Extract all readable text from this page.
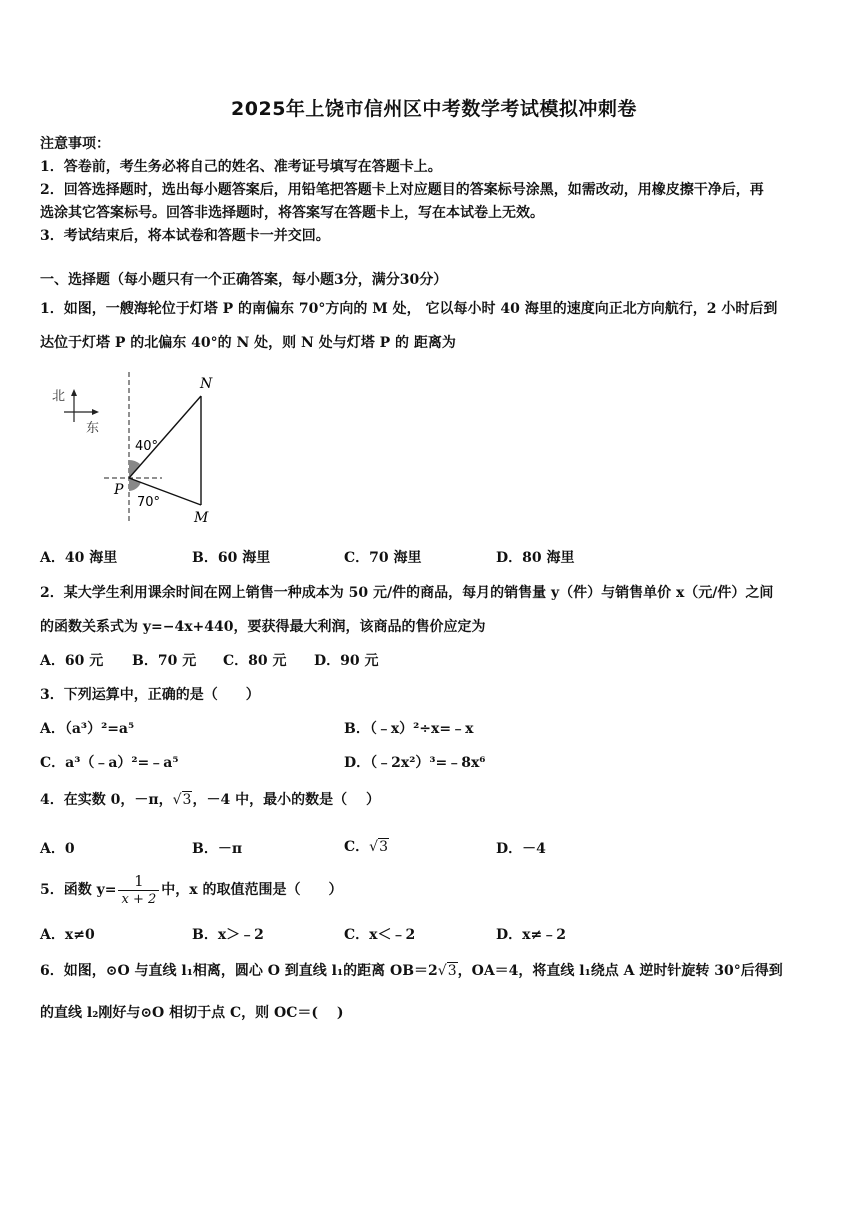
2025年上饶市信州区中考数学考试模拟冲刺卷
注意事项：
1．答卷前，考生务必将自己的姓名、准考证号填写在答题卡上。
2．回答选择题时，选出每小题答案后，用铅笔把答题卡上对应题目的答案标号涂黑，如需改动，用橡皮擦干净后，再
选涂其它答案标号。回答非选择题时，将答案写在答题卡上，写在本试卷上无效。
3．考试结束后，将本试卷和答题卡一并交回。
一、选择题（每小题只有一个正确答案，每小题3分，满分30分）
1．如图，一艘海轮位于灯塔 P 的南偏东 70°方向的 M 处， 它以每小时 40 海里的速度向正北方向航行，2 小时后到
达位于灯塔 P 的北偏东 40°的 N 处，则 N 处与灯塔 P 的 距离为
北
东
N
P
M
40°
70°
A．40 海里	B．60 海里	C．70 海里	D．80 海里
2．某大学生利用课余时间在网上销售一种成本为 50 元/件的商品，每月的销售量 y（件）与销售单价 x（元/件）之间
的函数关系式为 y=−4x+440，要获得最大利润，该商品的售价应定为
A．60 元 B．70 元 C．80 元 D．90 元
3．下列运算中，正确的是（　　）
A．（a³）²=a⁵	B．（﹣x）²÷x=﹣x
C．a³（﹣a）²=﹣a⁵	D．（﹣2x²）³=﹣8x⁶
4．在实数 0，－π，√3，－4 中，最小的数是（　 ）
A．0	B．－π	C．√3	D．－4
5．函数 $y= \frac{1}{x + 2}$ 中，x 的取值范围是（　　）
A．x≠0	B．x＞﹣2	C．x＜﹣2	D．x≠﹣2
6．如图，⊙O 与直线 l₁相离，圆心 O 到直线 l₁的距离 OB＝2√3，OA＝4，将直线 l₁绕点 A 逆时针旋转 30°后得到
的直线 l₂刚好与⊙O 相切于点 C，则 OC＝(　 )
